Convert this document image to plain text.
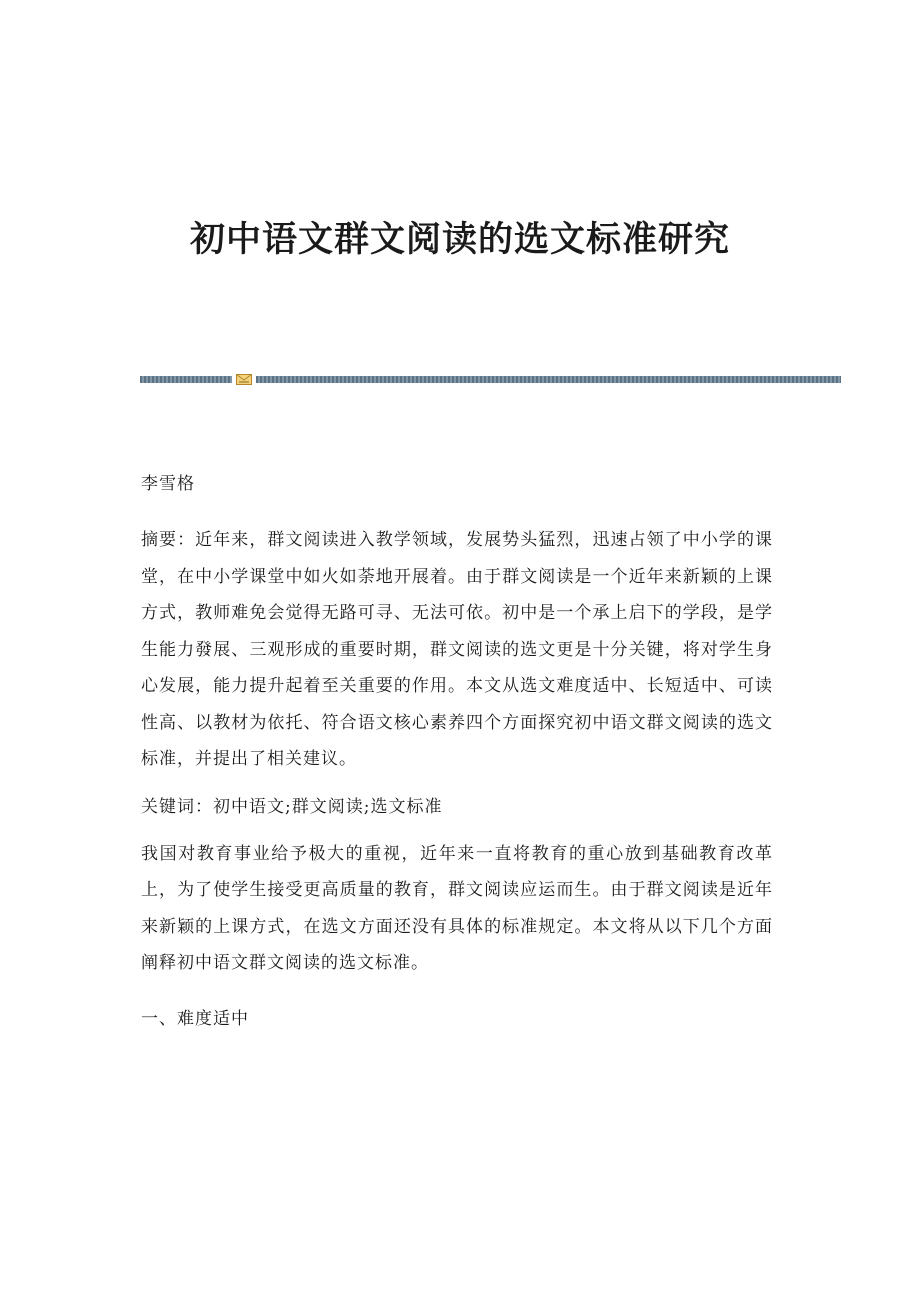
初中语文群文阅读的选文标准研究

李雪格

摘要：近年来，群文阅读进入教学领域，发展势头猛烈，迅速占领了中小学的课堂，在中小学课堂中如火如荼地开展着。由于群文阅读是一个近年来新颖的上课方式，教师难免会觉得无路可寻、无法可依。初中是一个承上启下的学段，是学生能力發展、三观形成的重要时期，群文阅读的选文更是十分关键，将对学生身心发展，能力提升起着至关重要的作用。本文从选文难度适中、长短适中、可读性高、以教材为依托、符合语文核心素养四个方面探究初中语文群文阅读的选文标准，并提出了相关建议。

关键词：初中语文;群文阅读;选文标准

我国对教育事业给予极大的重视，近年来一直将教育的重心放到基础教育改革上，为了使学生接受更高质量的教育，群文阅读应运而生。由于群文阅读是近年来新颖的上课方式，在选文方面还没有具体的标准规定。本文将从以下几个方面阐释初中语文群文阅读的选文标准。

一、难度适中
